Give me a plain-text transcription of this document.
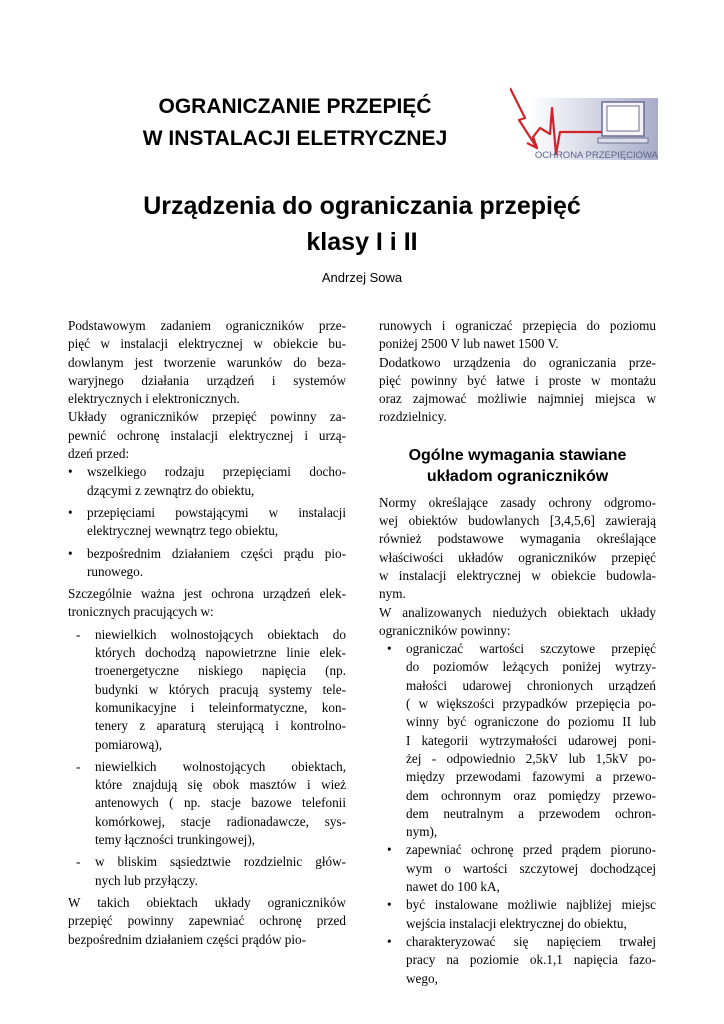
OGRANICZANIE PRZEPIĘĆ
W INSTALACJI ELETRYCZNEJ
OCHRONA PRZEPIĘCIOWA
Urządzenia do ograniczania przepięć
klasy I i II
Andrzej Sowa
Podstawowym zadaniem ograniczników prze-
pięć w instalacji elektrycznej w obiekcie bu-
dowlanym jest tworzenie warunków do beza-
waryjnego działania urządzeń i systemów
elektrycznych i elektronicznych.
Układy ograniczników przepięć powinny za-
pewnić ochronę instalacji elektrycznej i urzą-
dzeń przed:
• wszelkiego rodzaju przepięciami docho-
dzącymi z zewnątrz do obiektu,
• przepięciami powstającymi w instalacji
elektrycznej wewnątrz tego obiektu,
• bezpośrednim działaniem części prądu pio-
runowego.
Szczególnie ważna jest ochrona urządzeń elek-
tronicznych pracujących w:
- niewielkich wolnostojących obiektach do
których dochodzą napowietrzne linie elek-
troenergetyczne niskiego napięcia (np.
budynki w których pracują systemy tele-
komunikacyjne i teleinformatyczne, kon-
tenery z aparaturą sterującą i kontrolno-
pomiarową),
- niewielkich wolnostojących obiektach,
które znajdują się obok masztów i wież
antenowych ( np. stacje bazowe telefonii
komórkowej, stacje radionadawcze, sys-
temy łączności trunkingowej),
- w bliskim sąsiedztwie rozdzielnic głów-
nych lub przyłączy.
W takich obiektach układy ograniczników
przepięć powinny zapewniać ochronę przed
bezpośrednim działaniem części prądów pio-
runowych i ograniczać przepięcia do poziomu
poniżej 2500 V lub nawet 1500 V.
Dodatkowo urządzenia do ograniczania prze-
pięć powinny być łatwe i proste w montażu
oraz zajmować możliwie najmniej miejsca w
rozdzielnicy.
Ogólne wymagania stawiane
układom ograniczników
Normy określające zasady ochrony odgromo-
wej obiektów budowlanych [3,4,5,6] zawierają
również podstawowe wymagania określające
właściwości układów ograniczników przepięć
w instalacji elektrycznej w obiekcie budowla-
nym.
W analizowanych niedużych obiektach układy
ograniczników powinny:
• ograniczać wartości szczytowe przepięć
do poziomów leżących poniżej wytrzy-
małości udarowej chronionych urządzeń
( w większości przypadków przepięcia po-
winny być ograniczone do poziomu II lub
I kategorii wytrzymałości udarowej poni-
żej - odpowiednio 2,5kV lub 1,5kV po-
między przewodami fazowymi a przewo-
dem ochronnym oraz pomiędzy przewo-
dem neutralnym a przewodem ochron-
nym),
• zapewniać ochronę przed prądem pioruno-
wym o wartości szczytowej dochodzącej
nawet do 100 kA,
• być instalowane możliwie najbliżej miejsc
wejścia instalacji elektrycznej do obiektu,
• charakteryzować się napięciem trwałej
pracy na poziomie ok.1,1 napięcia fazo-
wego,
